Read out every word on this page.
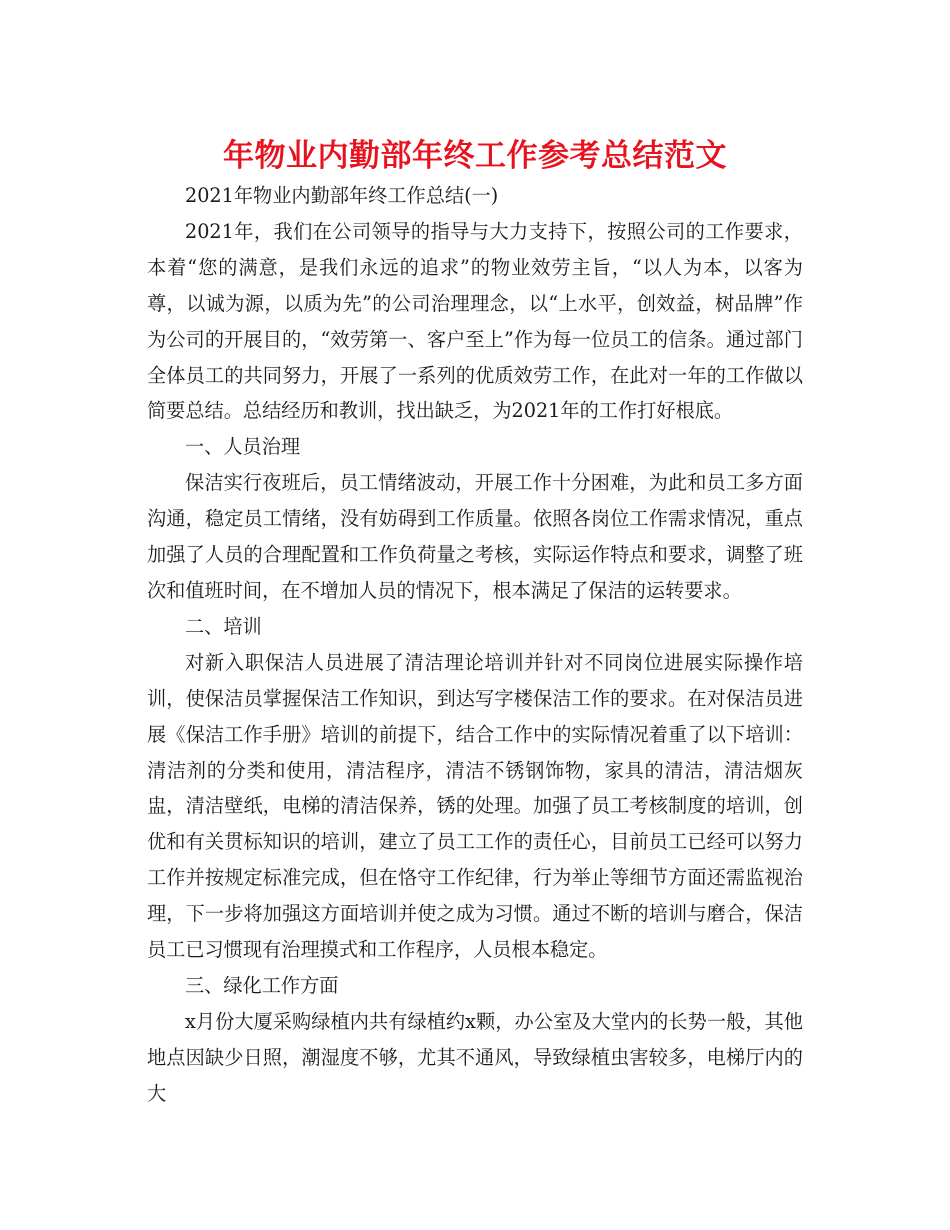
年物业内勤部年终工作参考总结范文

2021年物业内勤部年终工作总结(一)

2021年，我们在公司领导的指导与大力支持下，按照公司的工作要求，本着“您的满意，是我们永远的追求”的物业效劳主旨，“以人为本，以客为尊，以诚为源，以质为先”的公司治理理念，以“上水平，创效益，树品牌”作为公司的开展目的，“效劳第一、客户至上”作为每一位员工的信条。通过部门全体员工的共同努力，开展了一系列的优质效劳工作，在此对一年的工作做以简要总结。总结经历和教训，找出缺乏，为2021年的工作打好根底。

一、人员治理

保洁实行夜班后，员工情绪波动，开展工作十分困难，为此和员工多方面沟通，稳定员工情绪，没有妨碍到工作质量。依照各岗位工作需求情况，重点加强了人员的合理配置和工作负荷量之考核，实际运作特点和要求，调整了班次和值班时间，在不增加人员的情况下，根本满足了保洁的运转要求。

二、培训

对新入职保洁人员进展了清洁理论培训并针对不同岗位进展实际操作培训，使保洁员掌握保洁工作知识，到达写字楼保洁工作的要求。在对保洁员进展《保洁工作手册》培训的前提下，结合工作中的实际情况着重了以下培训：清洁剂的分类和使用，清洁程序，清洁不锈钢饰物，家具的清洁，清洁烟灰盅，清洁壁纸，电梯的清洁保养，锈的处理。加强了员工考核制度的培训，创优和有关贯标知识的培训，建立了员工工作的责任心，目前员工已经可以努力工作并按规定标准完成，但在恪守工作纪律，行为举止等细节方面还需监视治理，下一步将加强这方面培训并使之成为习惯。通过不断的培训与磨合，保洁员工已习惯现有治理摸式和工作程序，人员根本稳定。

三、绿化工作方面

x月份大厦采购绿植内共有绿植约x颗，办公室及大堂内的长势一般，其他地点因缺少日照，潮湿度不够，尤其不通风，导致绿植虫害较多，电梯厅内的大
